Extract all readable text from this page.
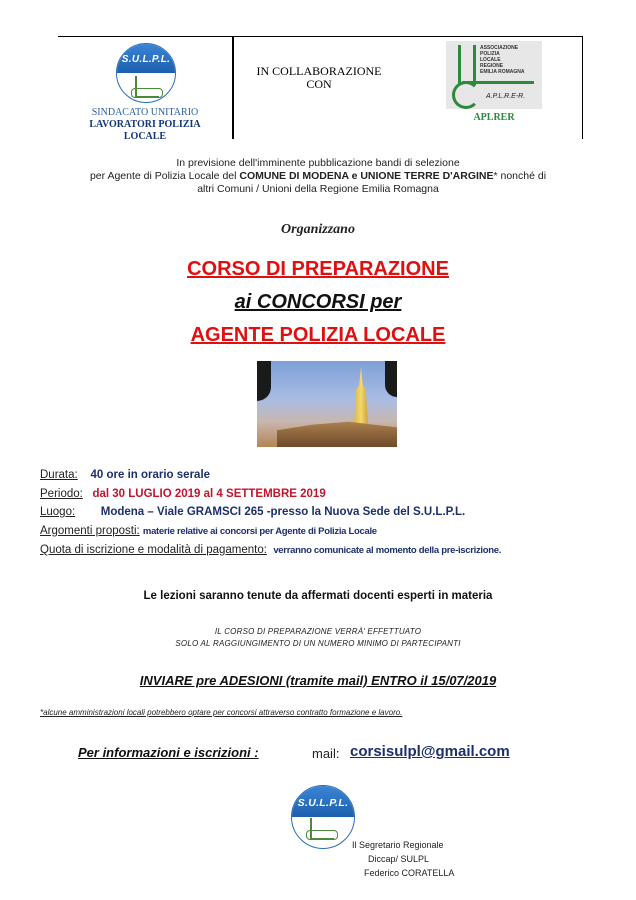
S.U.L.P.L.
SINDACATO UNITARIO
LAVORATORI POLIZIA
LOCALE
IN COLLABORAZIONE
CON
ASSOCIAZIONE
POLIZIA
LOCALE
REGIONE
EMILIA ROMAGNA
A.P.L.R.E-R.
APLRER
In previsione dell'imminente pubblicazione bandi di selezione
per Agente di Polizia Locale del COMUNE DI MODENA e UNIONE TERRE D'ARGINE* nonché di
altri Comuni / Unioni della Regione Emilia Romagna
Organizzano
CORSO DI PREPARAZIONE
ai CONCORSI per
AGENTE POLIZIA LOCALE
Durata: 40 ore in orario serale
Periodo: dal 30 LUGLIO 2019 al 4 SETTEMBRE 2019
Luogo: Modena – Viale GRAMSCI 265 -presso la Nuova Sede del S.U.L.P.L.
Argomenti proposti: materie relative ai concorsi per Agente di Polizia Locale
Quota di iscrizione e modalità di pagamento: verranno comunicate al momento della pre-iscrizione.
Le lezioni saranno tenute da affermati docenti esperti in materia
IL CORSO DI PREPARAZIONE VERRÀ' EFFETTUATO
SOLO AL RAGGIUNGIMENTO DI UN NUMERO MINIMO DI PARTECIPANTI
INVIARE pre ADESIONI (tramite mail) ENTRO il 15/07/2019
*alcune amministrazioni locali potrebbero optare per concorsi attraverso contratto formazione e lavoro.
Per informazioni e iscrizioni :	mail: corsisulpl@gmail.com
S.U.L.P.L.
Il Segretario Regionale
Diccap/ SULPL
Federico CORATELLA
